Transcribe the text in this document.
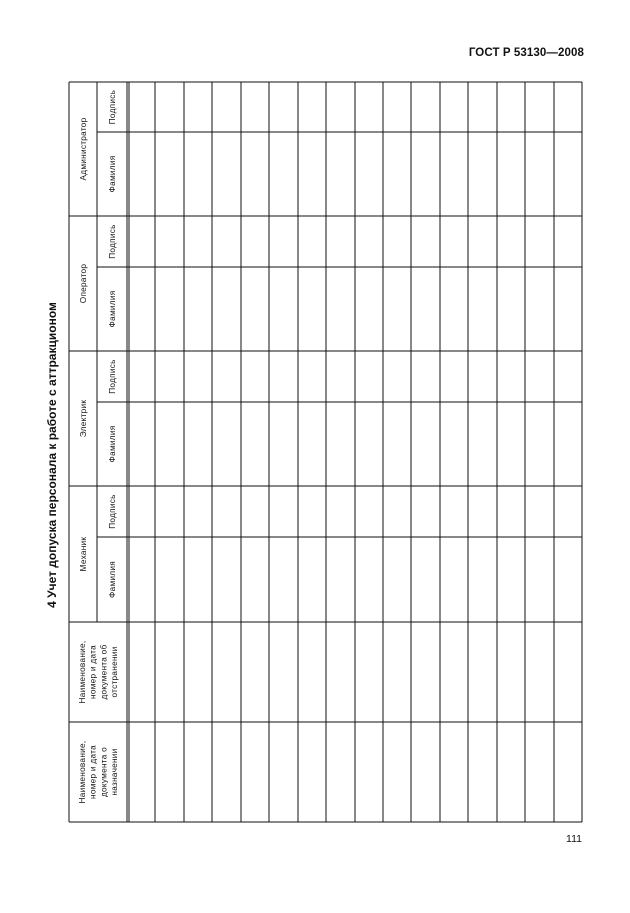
ГОСТ Р 53130—2008
4 Учет допуска персонала к работе с аттракционом
Наименование, номер и дата документа о назначении
Наименование, номер и дата документа об отстранении
Механик
Фамилия
Подпись
Электрик
Фамилия
Подпись
Оператор
Фамилия
Подпись
Администратор Фамилия
Подпись
111
